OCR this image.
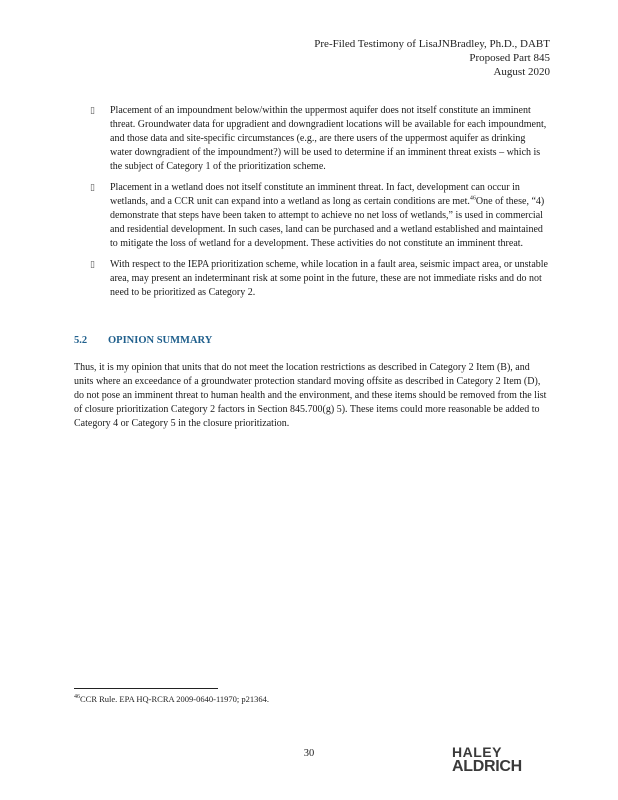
Pre-Filed Testimony of LisaJNBradley, Ph.D., DABT
Proposed Part 845
August 2020
▯ Placement of an impoundment below/within the uppermost aquifer does not itself constitute an imminent threat. Groundwater data for upgradient and downgradient locations will be available for each impoundment, and those data and site-specific circumstances (e.g., are there users of the uppermost aquifer as drinking water downgradient of the impoundment?) will be used to determine if an imminent threat exists – which is the subject of Category 1 of the prioritization scheme.
▯ Placement in a wetland does not itself constitute an imminent threat. In fact, development can occur in wetlands, and a CCR unit can expand into a wetland as long as certain conditions are met.$^{46}$One of these, “4) demonstrate that steps have been taken to attempt to achieve no net loss of wetlands,” is used in commercial and residential development. In such cases, land can be purchased and a wetland established and maintained to mitigate the loss of wetland for a development. These activities do not constitute an imminent threat.
▯ With respect to the IEPA prioritization scheme, while location in a fault area, seismic impact area, or unstable area, may present an indeterminant risk at some point in the future, these are not immediate risks and do not need to be prioritized as Category 2.
5.2 OPINION SUMMARY

Thus, it is my opinion that units that do not meet the location restrictions as described in Category 2 Item (B), and units where an exceedance of a groundwater protection standard moving offsite as described in Category 2 Item (D), do not pose an imminent threat to human health and the environment, and these items should be removed from the list of closure prioritization Category 2 factors in Section 845.700(g) 5). These items could more reasonable be added to Category 4 or Category 5 in the closure prioritization.

$^{46}$CCR Rule. EPA HQ-RCRA 2009-0640-11970; p21364.
30	HALEY
ALDRICH
